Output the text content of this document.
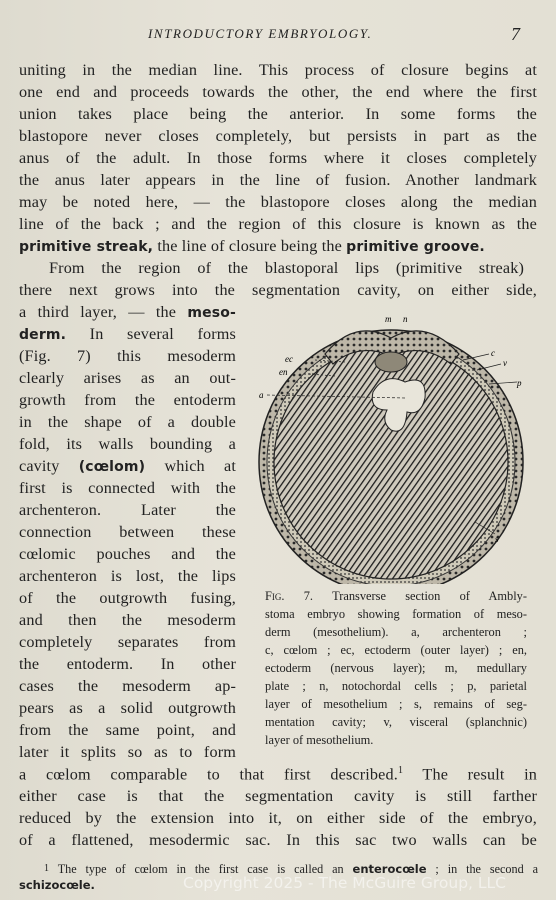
INTRODUCTORY EMBRYOLOGY.	7
uniting in the median line. This process of closure begins at
one end and proceeds towards the other, the end where the first
union takes place being the anterior. In some forms the
blastopore never closes completely, but persists in part as the
anus of the adult. In those forms where it closes completely
the anus later appears in the line of fusion. Another landmark
may be noted here, — the blastopore closes along the median
line of the back ; and the region of this closure is known as the
primitive streak, the line of closure being the primitive groove.
From the region of the blastoporal lips (primitive streak)
there next grows into the segmentation cavity, on either side,
a third layer, — the meso-
derm. In several forms
(Fig. 7) this mesoderm
clearly arises as an out-
growth from the entoderm
in the shape of a double
fold, its walls bounding a
cavity (cœlom) which at
first is connected with the
archenteron. Later the
connection between these
cœlomic pouches and the
archenteron is lost, the lips
of the outgrowth fusing,
and then the mesoderm
completely separates from
the entoderm. In other
cases the mesoderm ap-
pears as a solid outgrowth
from the same point, and
later it splits so as to form
a cœlom comparable to that first described.$^1$ The result in
either case is that the segmentation cavity is still farther
reduced by the extension into it, on either side of the embryo,
of a flattened, mesodermic sac. In this sac two walls can be
m n
ec
en
a
c
v
p
s
Fig. 7. Transverse section of Ambly-
stoma embryo showing formation of meso-
derm (mesothelium). a, archenteron ;
c, cœlom ; ec, ectoderm (outer layer) ; en,
ectoderm (nervous layer); m, medullary
plate ; n, notochordal cells ; p, parietal
layer of mesothelium ; s, remains of seg-
mentation cavity; v, visceral (splanchnic)
layer of mesothelium.
1 The type of cœlom in the first case is called an enterocœle ; in the second a
schizocœle.	Copyright 2025 - The McGuire Group, LLC
